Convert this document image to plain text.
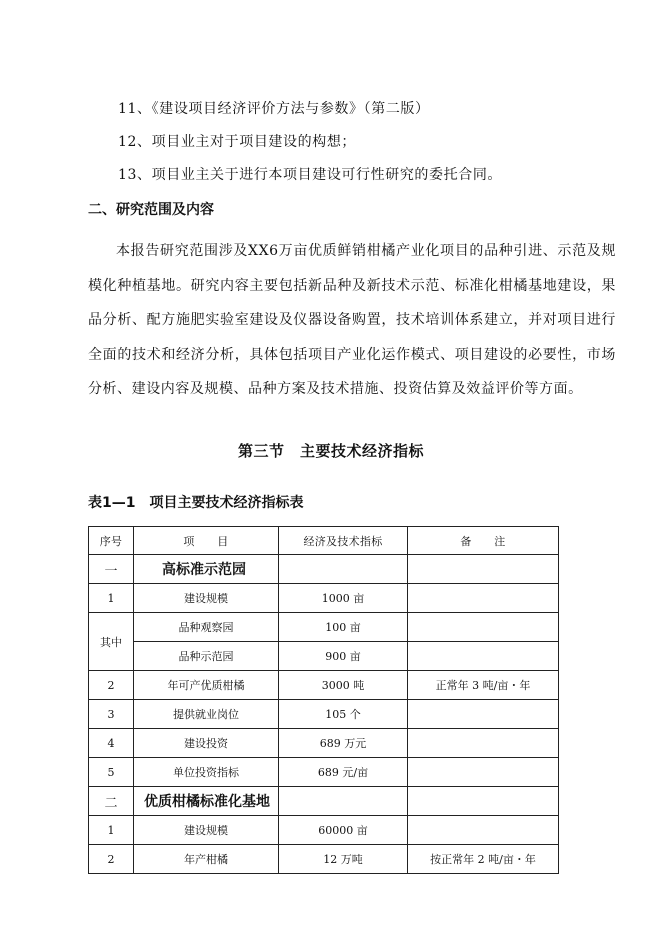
11、《建设项目经济评价方法与参数》（第二版）
12、项目业主对于项目建设的构想；
13、项目业主关于进行本项目建设可行性研究的委托合同。
二、研究范围及内容
本报告研究范围涉及XX6万亩优质鲜销柑橘产业化项目的品种引进、示范及规模化种植基地。研究内容主要包括新品种及新技术示范、标准化柑橘基地建设，果品分析、配方施肥实验室建设及仪器设备购置，技术培训体系建立，并对项目进行全面的技术和经济分析，具体包括项目产业化运作模式、项目建设的必要性，市场分析、建设内容及规模、品种方案及技术措施、投资估算及效益评价等方面。
第三节　主要技术经济指标
表1—1　项目主要技术经济指标表
序号	项　　目	经济及技术指标	备　　注
一	高标准示范园		
1	建设规模	1000 亩	
其中	品种观察园	100 亩	
	品种示范园	900 亩	
2	年可产优质柑橘	3000 吨	正常年 3 吨/亩・年
3	提供就业岗位	105 个	
4	建设投资	689 万元	
5	单位投资指标	689 元/亩	
二	优质柑橘标准化基地		
1	建设规模	60000 亩	
2	年产柑橘	12 万吨	按正常年 2 吨/亩・年
